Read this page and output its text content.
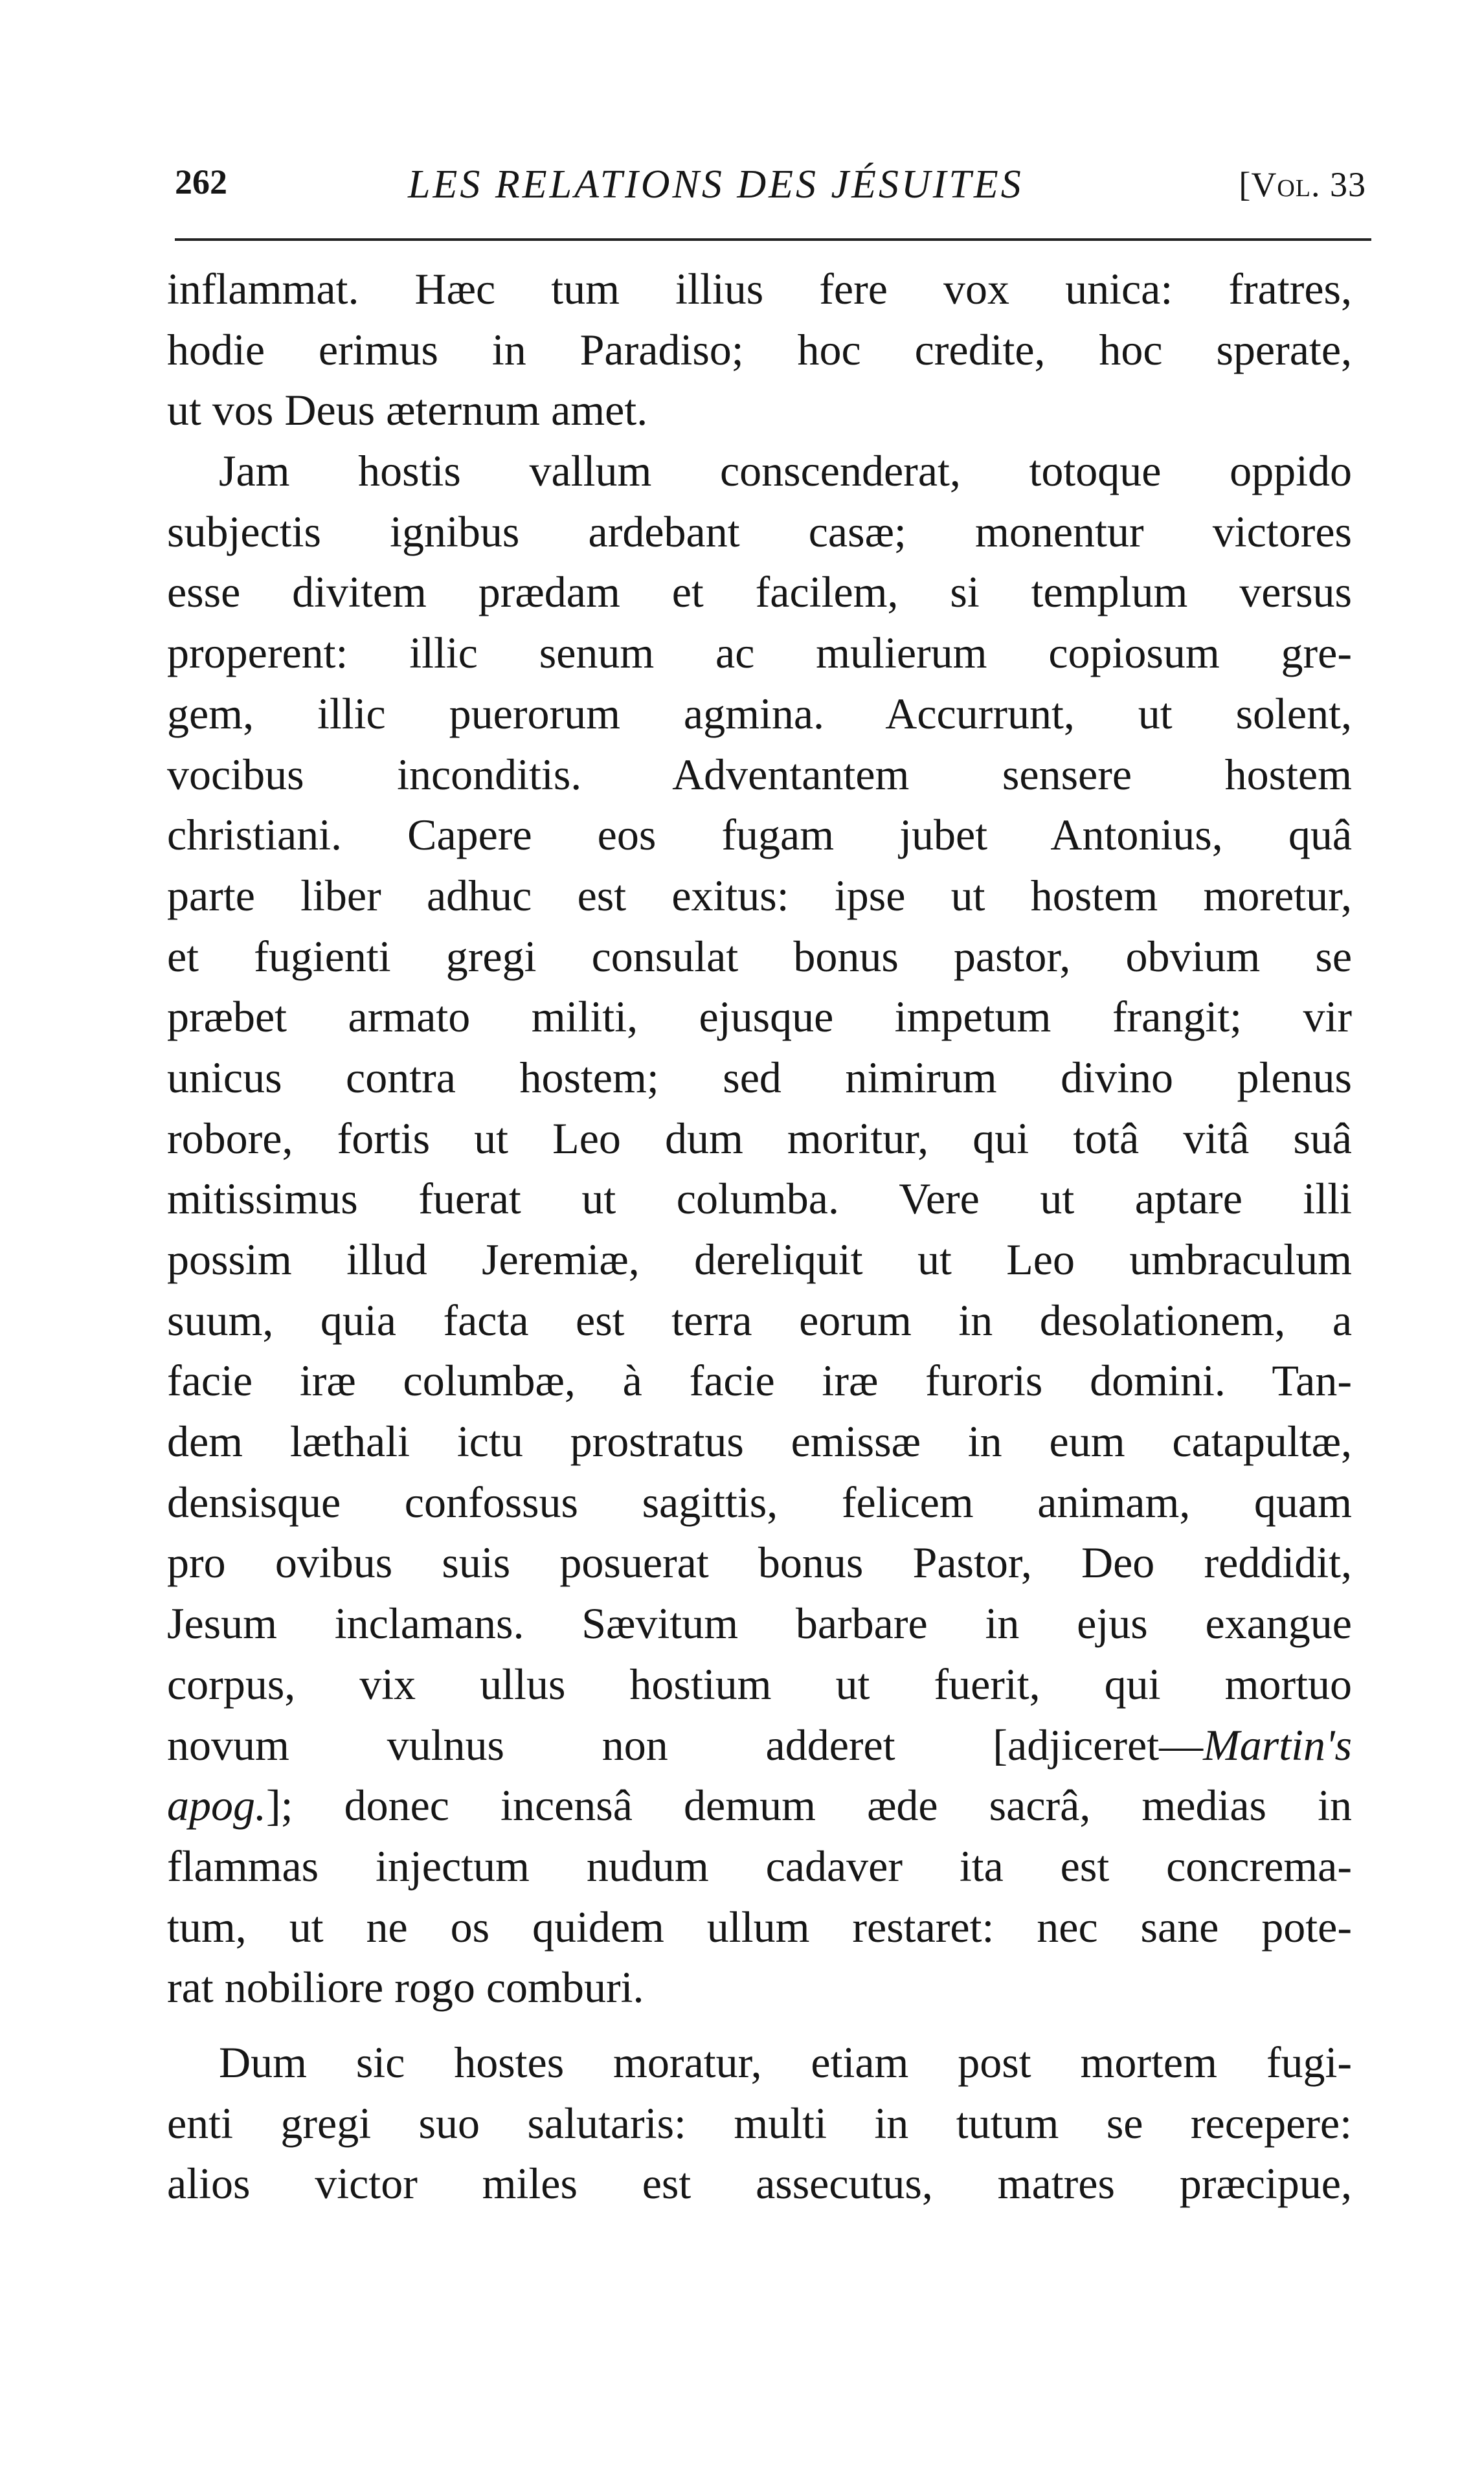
262	LES RELATIONS DES JÉSUITES	[Vol. 33
inflammat. Hæc tum illius fere vox unica: fratres,
hodie erimus in Paradiso; hoc credite, hoc sperate,
ut vos Deus æternum amet.
Jam hostis vallum conscenderat, totoque oppido
subjectis ignibus ardebant casæ; monentur victores
esse divitem prædam et facilem, si templum versus
properent: illic senum ac mulierum copiosum gre-
gem, illic puerorum agmina. Accurrunt, ut solent,
vocibus inconditis. Adventantem sensere hostem
christiani. Capere eos fugam jubet Antonius, quâ
parte liber adhuc est exitus: ipse ut hostem moretur,
et fugienti gregi consulat bonus pastor, obvium se
præbet armato militi, ejusque impetum frangit; vir
unicus contra hostem; sed nimirum divino plenus
robore, fortis ut Leo dum moritur, qui totâ vitâ suâ
mitissimus fuerat ut columba. Vere ut aptare illi
possim illud Jeremiæ, dereliquit ut Leo umbraculum
suum, quia facta est terra eorum in desolationem, a
facie iræ columbæ, à facie iræ furoris domini. Tan-
dem læthali ictu prostratus emissæ in eum catapultæ,
densisque confossus sagittis, felicem animam, quam
pro ovibus suis posuerat bonus Pastor, Deo reddidit,
Jesum inclamans. Sævitum barbare in ejus exangue
corpus, vix ullus hostium ut fuerit, qui mortuo
novum vulnus non adderet [adjiceret—Martin's
apog.]; donec incensâ demum æde sacrâ, medias in
flammas injectum nudum cadaver ita est concrema-
tum, ut ne os quidem ullum restaret: nec sane pote-
rat nobiliore rogo comburi.
Dum sic hostes moratur, etiam post mortem fugi-
enti gregi suo salutaris: multi in tutum se recepere:
alios victor miles est assecutus, matres præcipue,
